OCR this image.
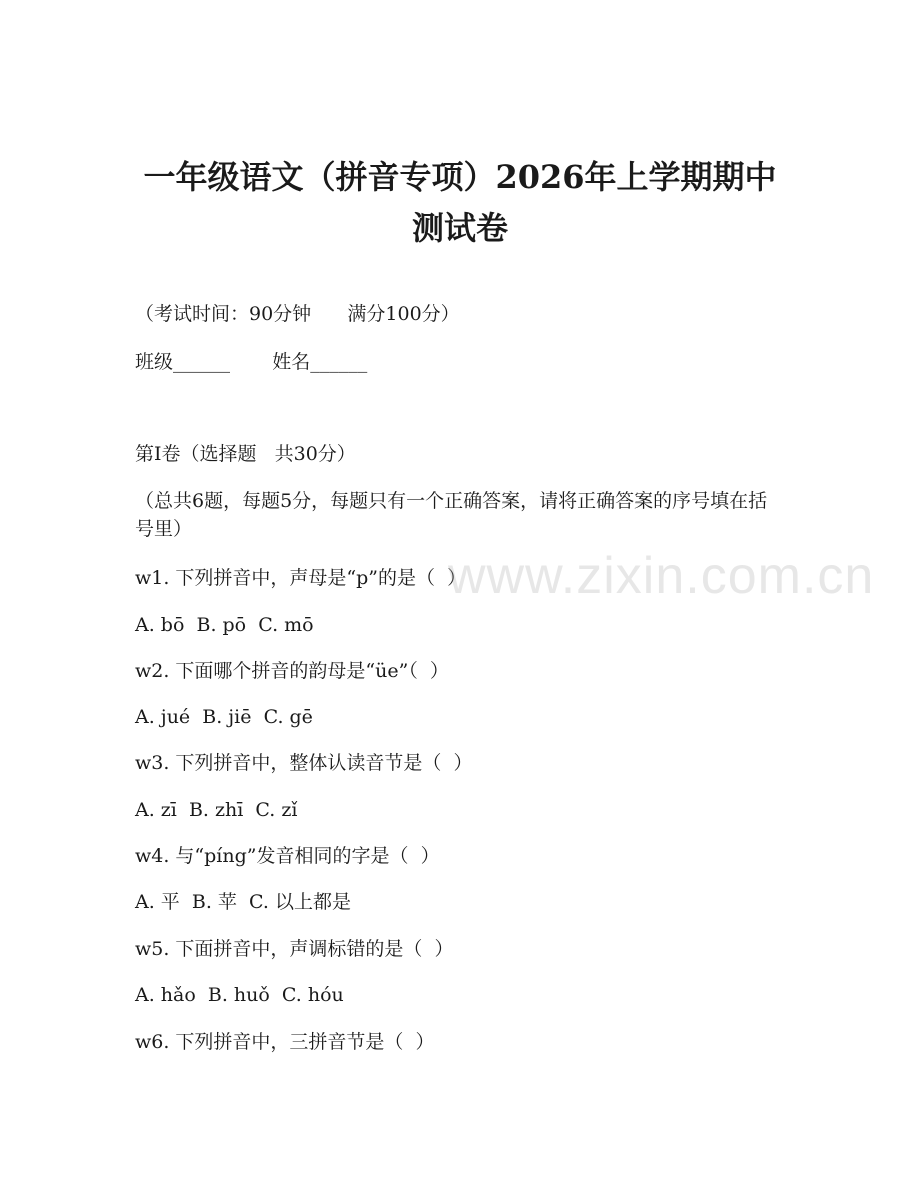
一年级语文（拼音专项）2026年上学期期中
测试卷
（考试时间：90分钟      满分100分）
班级______       姓名______
第I卷（选择题   共30分）
（总共6题，每题5分，每题只有一个正确答案，请将正确答案的序号填在括号里）
w1. 下列拼音中，声母是“p”的是（  ）
A. bō  B. pō  C. mō
w2. 下面哪个拼音的韵母是“üe”（  ）
A. jué  B. jiē  C. gē
w3. 下列拼音中，整体认读音节是（  ）
A. zī  B. zhī  C. zǐ
w4. 与“píng”发音相同的字是（  ）
A. 平  B. 苹  C. 以上都是
w5. 下面拼音中，声调标错的是（  ）
A. hǎo  B. huǒ  C. hóu
w6. 下列拼音中，三拼音节是（  ）
www.zixin.com.cn
